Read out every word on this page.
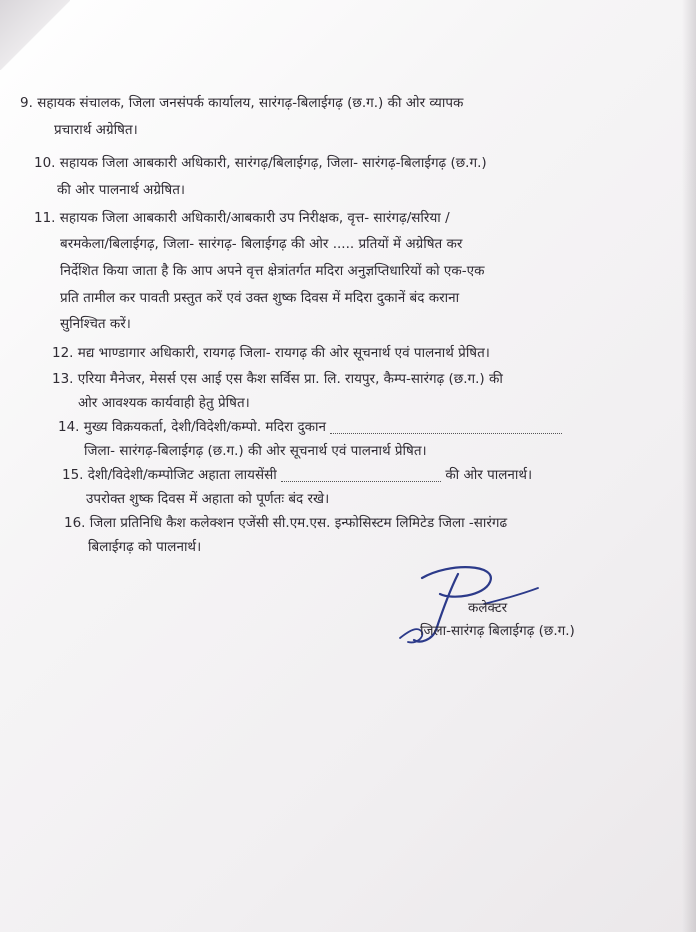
9. सहायक संचालक, जिला जनसंपर्क कार्यालय, सारंगढ़-बिलाईगढ़ (छ.ग.) की ओर व्यापक
प्रचारार्थ अग्रेषित।
10. सहायक जिला आबकारी अधिकारी, सारंगढ़/बिलाईगढ़, जिला- सारंगढ़-बिलाईगढ़ (छ.ग.)
की ओर पालनार्थ अग्रेषित।
11. सहायक जिला आबकारी अधिकारी/आबकारी उप निरीक्षक, वृत्त- सारंगढ़/सरिया /
बरमकेला/बिलाईगढ़, जिला- सारंगढ़- बिलाईगढ़ की ओर ..... प्रतियों में अग्रेषित कर
निर्देशित किया जाता है कि आप अपने वृत्त क्षेत्रांतर्गत मदिरा अनुज्ञप्तिधारियों को एक-एक
प्रति तामील कर पावती प्रस्तुत करें एवं उक्त शुष्क दिवस में मदिरा दुकानें बंद कराना
सुनिश्चित करें।
12. मद्य भाण्डागार अधिकारी, रायगढ़ जिला- रायगढ़ की ओर सूचनार्थ एवं पालनार्थ प्रेषित।
13. एरिया मैनेजर, मेसर्स एस आई एस कैश सर्विस प्रा. लि. रायपुर, कैम्प-सारंगढ़ (छ.ग.) की
ओर आवश्यक कार्यवाही हेतु प्रेषित।
14. मुख्य विक्रयकर्ता, देशी/विदेशी/कम्पो. मदिरा दुकान
जिला- सारंगढ़-बिलाईगढ़ (छ.ग.) की ओर सूचनार्थ एवं पालनार्थ प्रेषित।
15. देशी/विदेशी/कम्पोजिट अहाता लायसेंसी	की ओर पालनार्थ।
उपरोक्त शुष्क दिवस में अहाता को पूर्णतः बंद रखे।
16. जिला प्रतिनिधि कैश कलेक्शन एजेंसी सी.एम.एस. इन्फोसिस्टम लिमिटेड जिला -सारंगढ
बिलाईगढ़ को पालनार्थ।
कलेक्टर
जिला-सारंगढ़ बिलाईगढ़ (छ.ग.)
